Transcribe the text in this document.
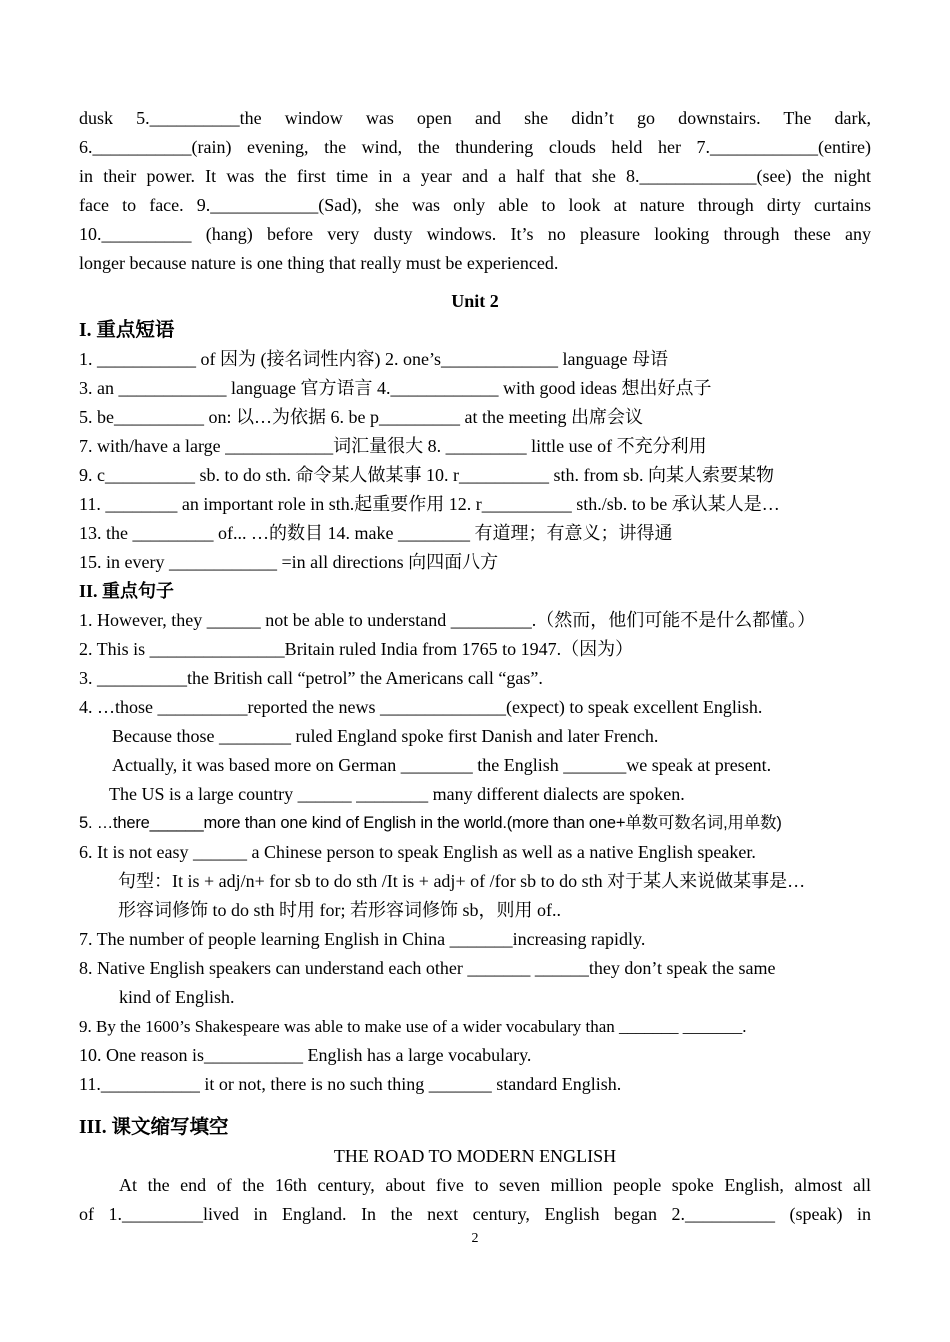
dusk 5.__________the window was open and she didn’t go downstairs. The dark,
6.___________(rain) evening, the wind, the thundering clouds held her 7.____________(entire)
in their power. It was the first time in a year and a half that she 8._____________(see) the night
face to face. 9.____________(Sad), she was only able to look at nature through dirty curtains
10.__________ (hang) before very dusty windows. It’s no pleasure looking through these any
longer because nature is one thing that really must be experienced.
Unit 2
I. 重点短语
1. ___________ of 因为 (接名词性内容) 2. one’s_____________ language 母语
3. an ____________ language 官方语言 4.____________ with good ideas 想出好点子
5. be__________ on: 以…为依据 6. be p_________ at the meeting 出席会议
7. with/have a large ____________词汇量很大 8. _________ little use of 不充分利用
9. c__________ sb. to do sth. 命令某人做某事 10. r__________ sth. from sb. 向某人索要某物
11. ________ an important role in sth.起重要作用 12. r__________ sth./sb. to be 承认某人是…
13. the _________ of... …的数目 14. make ________ 有道理；有意义；讲得通
15. in every ____________ =in all directions 向四面八方
II. 重点句子
1. However, they ______ not be able to understand _________.（然而，他们可能不是什么都懂。）
2. This is _______________Britain ruled India from 1765 to 1947.（因为）
3. __________the British call “petrol” the Americans call “gas”.
4. …those __________reported the news ______________(expect) to speak excellent English.
Because those ________ ruled England spoke first Danish and later French.
Actually, it was based more on German ________ the English _______we speak at present.
The US is a large country ______ ________ many different dialects are spoken.
5. …there______more than one kind of English in the world.(more than one+单数可数名词,用单数)
6. It is not easy ______ a Chinese person to speak English as well as a native English speaker.
句型：It is + adj/n+ for sb to do sth /It is + adj+ of /for sb to do sth 对于某人来说做某事是…
形容词修饰 to do sth 时用 for; 若形容词修饰 sb，则用 of..
7. The number of people learning English in China _______increasing rapidly.
8. Native English speakers can understand each other _______ ______they don’t speak the same
kind of English.
9. By the 1600’s Shakespeare was able to make use of a wider vocabulary than _______ _______.
10. One reason is___________ English has a large vocabulary.
11.___________ it or not, there is no such thing _______ standard English.
III. 课文缩写填空
THE ROAD TO MODERN ENGLISH
At the end of the 16th century, about five to seven million people spoke English, almost all
of 1._________lived in England. In the next century, English began 2.__________ (speak) in
2
